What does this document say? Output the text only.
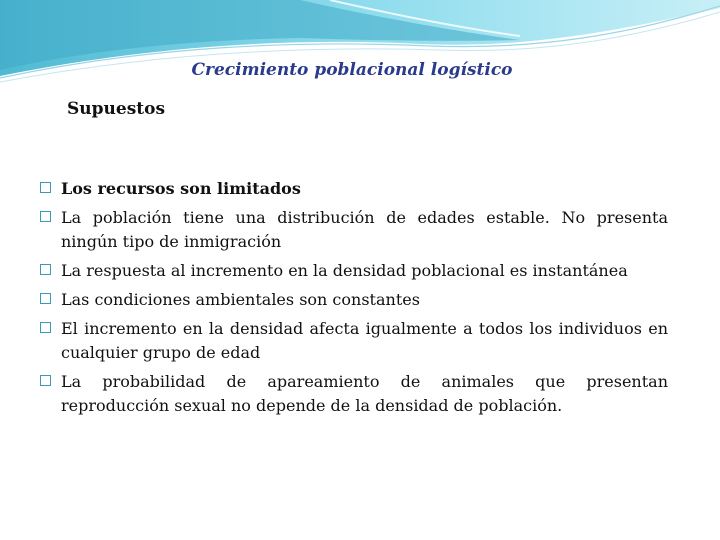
Crecimiento poblacional logístico
Supuestos
Los recursos son limitados
La población tiene una distribución de edades estable. No presenta ningún tipo de inmigración
La respuesta al incremento en la densidad poblacional es instantánea
Las condiciones ambientales son constantes
El incremento en la densidad afecta igualmente a todos los individuos en cualquier grupo de edad
La probabilidad de apareamiento de animales que presentan reproducción sexual no depende de la densidad de población.
